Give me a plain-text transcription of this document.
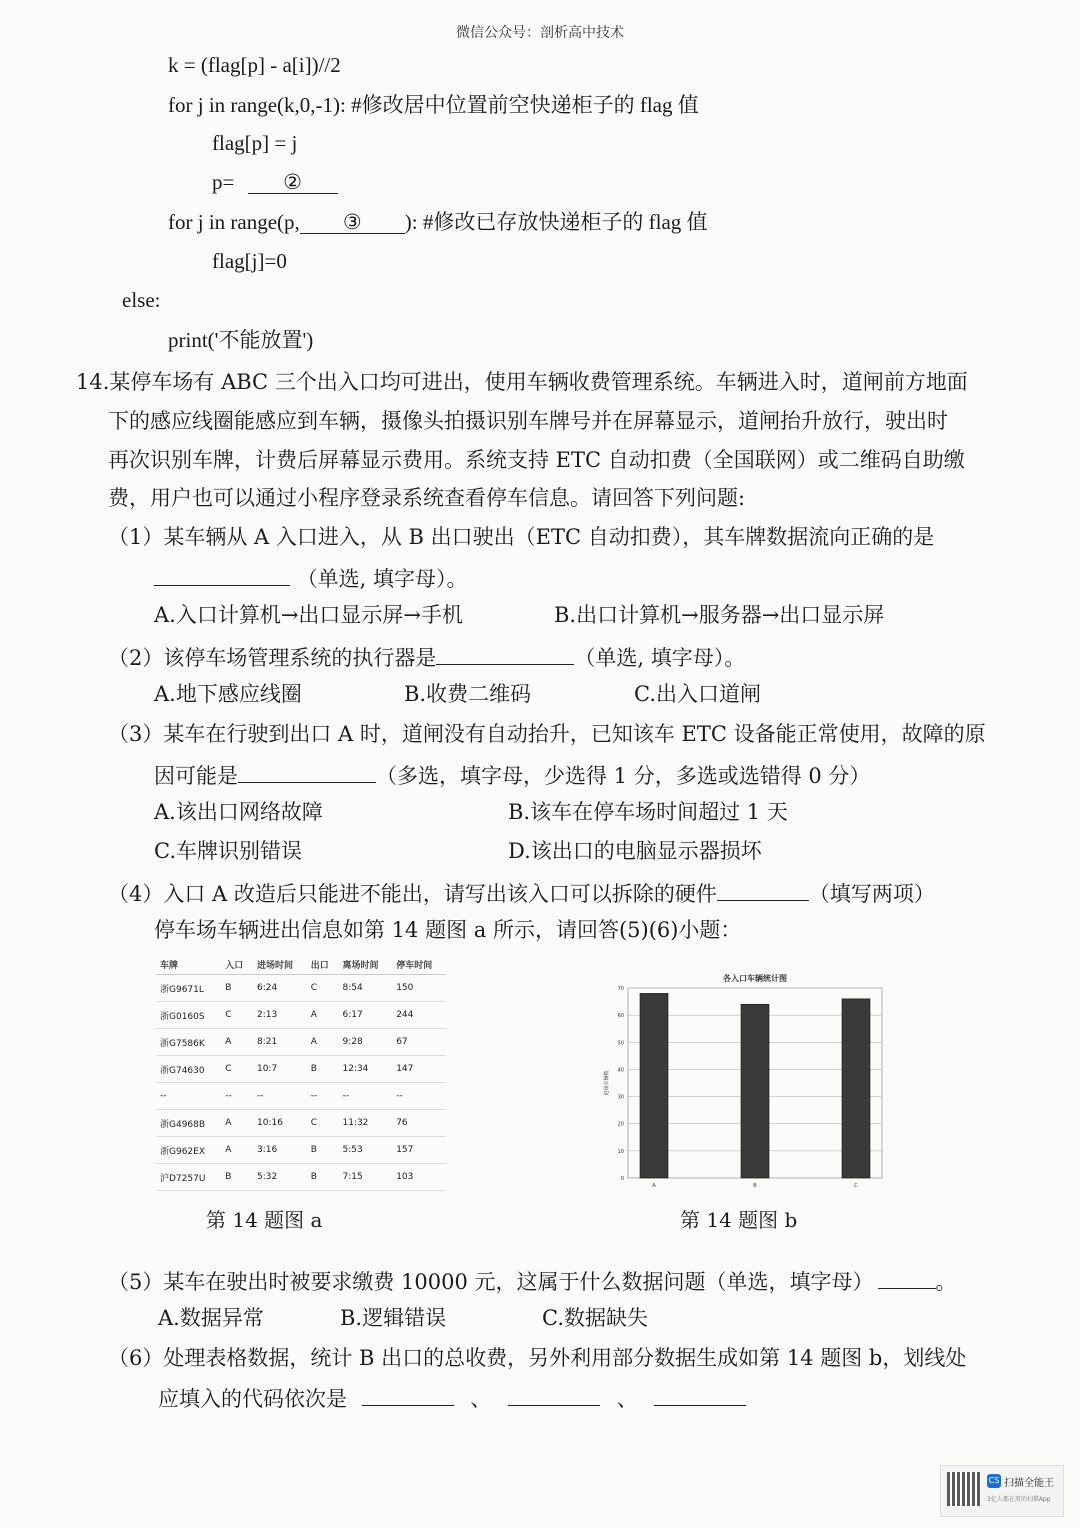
微信公众号：剖析高中技术
k = (flag[p] - a[i])//2
for j in range(k,0,-1): #修改居中位置前空快递柜子的 flag 值
flag[p] = j
p= ②
for j in range(p, ③ ): #修改已存放快递柜子的 flag 值
flag[j]=0
else:
print('不能放置')
14.某停车场有 ABC 三个出入口均可进出，使用车辆收费管理系统。车辆进入时，道闸前方地面
下的感应线圈能感应到车辆，摄像头拍摄识别车牌号并在屏幕显示，道闸抬升放行，驶出时
再次识别车牌，计费后屏幕显示费用。系统支持 ETC 自动扣费（全国联网）或二维码自助缴
费，用户也可以通过小程序登录系统查看停车信息。请回答下列问题:
（1）某车辆从 A 入口进入，从 B 出口驶出（ETC 自动扣费），其车牌数据流向正确的是
（单选, 填字母）。
A.入口计算机→出口显示屏→手机	B.出口计算机→服务器→出口显示屏
（2）该停车场管理系统的执行器是	（单选, 填字母）。
A.地下感应线圈	B.收费二维码	C.出入口道闸
（3）某车在行驶到出口 A 时，道闸没有自动抬升，已知该车 ETC 设备能正常使用，故障的原
因可能是	（多选，填字母，少选得 1 分，多选或选错得 0 分）
A.该出口网络故障	B.该车在停车场时间超过 1 天
C.车牌识别错误	D.该出口的电脑显示器损坏
（4）入口 A 改造后只能进不能出，请写出该入口可以拆除的硬件	（填写两项）
停车场车辆进出信息如第 14 题图 a 所示，请回答(5)(6)小题：
车牌	入口	进场时间	出口	离场时间	停车时间
浙G9671L	B	6:24	C	8:54	150
浙G0160S	C	2:13	A	6:17	244
浙G7586K	A	8:21	A	9:28	67
浙G74630	C	10:7	B	12:34	147
--	--	--	--	--	--
浙G4968B	A	10:16	C	11:32	76
浙G962EX	A	3:16	B	5:53	157
沪D7257U	B	5:32	B	7:15	103
各入口车辆统计图
0
10
20
30
40
50
60
70
进场车辆数
A	B	C
第 14 题图 a	第 14 题图 b
（5）某车在驶出时被要求缴费 10000 元，这属于什么数据问题（单选，填字母）	。
A.数据异常	B.逻辑错误	C.数据缺失
（6）处理表格数据，统计 B 出口的总收费，另外利用部分数据生成如第 14 题图 b，划线处
应填入的代码依次是	、	、
CS 扫描全能王
3亿人都在用的扫描App
